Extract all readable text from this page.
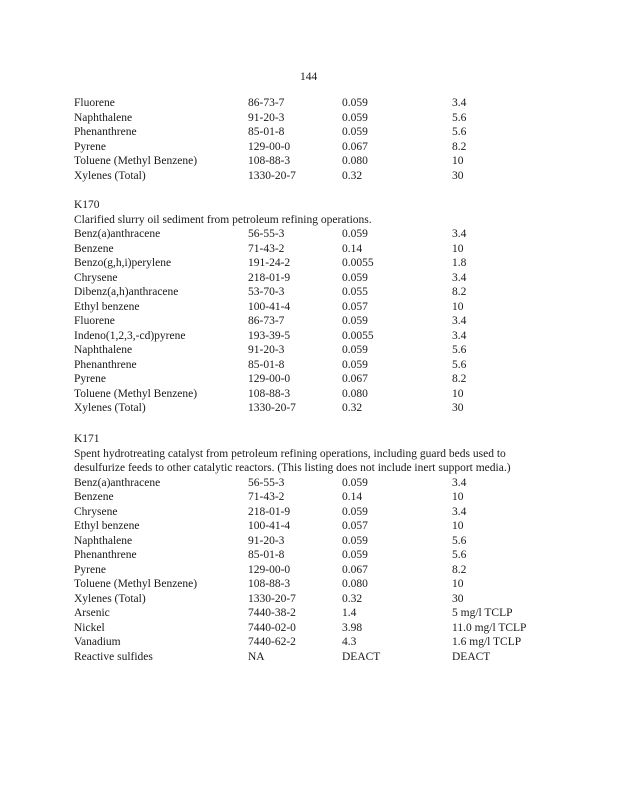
144
Fluorene	86-73-7	0.059	3.4
Naphthalene	91-20-3	0.059	5.6
Phenanthrene	85-01-8	0.059	5.6
Pyrene	129-00-0	0.067	8.2
Toluene (Methyl Benzene)	108-88-3	0.080	10
Xylenes (Total)	1330-20-7	0.32	30
K170
Clarified slurry oil sediment from petroleum refining operations.
Benz(a)anthracene	56-55-3	0.059	3.4
Benzene	71-43-2	0.14	10
Benzo(g,h,i)perylene	191-24-2	0.0055	1.8
Chrysene	218-01-9	0.059	3.4
Dibenz(a,h)anthracene	53-70-3	0.055	8.2
Ethyl benzene	100-41-4	0.057	10
Fluorene	86-73-7	0.059	3.4
Indeno(1,2,3,-cd)pyrene	193-39-5	0.0055	3.4
Naphthalene	91-20-3	0.059	5.6
Phenanthrene	85-01-8	0.059	5.6
Pyrene	129-00-0	0.067	8.2
Toluene (Methyl Benzene)	108-88-3	0.080	10
Xylenes (Total)	1330-20-7	0.32	30
K171
Spent hydrotreating catalyst from petroleum refining operations, including guard beds used to desulfurize feeds to other catalytic reactors. (This listing does not include inert support media.)
Benz(a)anthracene	56-55-3	0.059	3.4
Benzene	71-43-2	0.14	10
Chrysene	218-01-9	0.059	3.4
Ethyl benzene	100-41-4	0.057	10
Naphthalene	91-20-3	0.059	5.6
Phenanthrene	85-01-8	0.059	5.6
Pyrene	129-00-0	0.067	8.2
Toluene (Methyl Benzene)	108-88-3	0.080	10
Xylenes (Total)	1330-20-7	0.32	30
Arsenic	7440-38-2	1.4	5 mg/l TCLP
Nickel	7440-02-0	3.98	11.0 mg/l TCLP
Vanadium	7440-62-2	4.3	1.6 mg/l TCLP
Reactive sulfides	NA	DEACT	DEACT
